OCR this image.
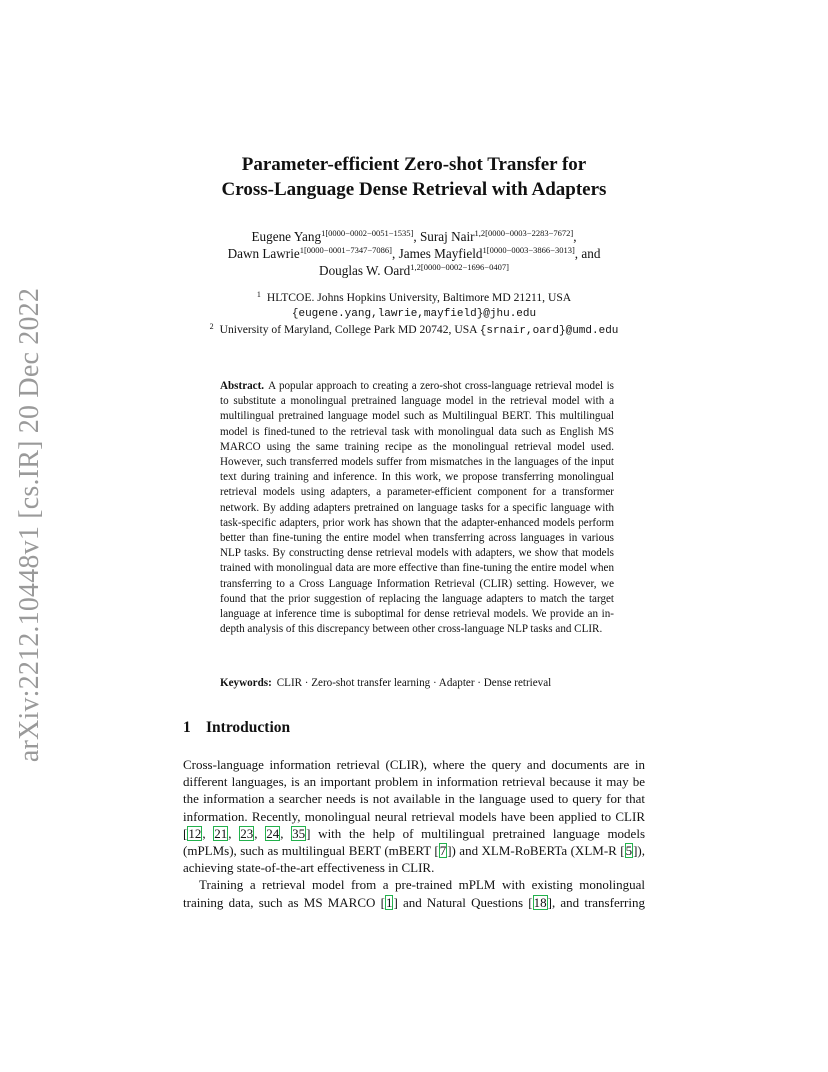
arXiv:2212.10448v1 [cs.IR] 20 Dec 2022
Parameter-efficient Zero-shot Transfer for
Cross-Language Dense Retrieval with Adapters
Eugene Yang$^{1[0000-0002-0051-1535]}$, Suraj Nair$^{1,2[0000-0003-2283-7672]}$,
Dawn Lawrie$^{1[0000-0001-7347-7086]}$, James Mayfield$^{1[0000-0003-3866-3013]}$, and
Douglas W. Oard$^{1,2[0000-0002-1696-0407]}$
$^1$ HLTCOE. Johns Hopkins University, Baltimore MD 21211, USA
{eugene.yang,lawrie,mayfield}@jhu.edu
$^2$ University of Maryland, College Park MD 20742, USA {srnair,oard}@umd.edu
Abstract. A popular approach to creating a zero-shot cross-language retrieval model is to substitute a monolingual pretrained language model in the retrieval model with a multilingual pretrained language model such as Multilingual BERT. This multilingual model is fined-tuned to the retrieval task with monolingual data such as English MS MARCO using the same training recipe as the monolingual retrieval model used. However, such transferred models suffer from mismatches in the languages of the input text during training and inference. In this work, we propose transferring monolingual retrieval models using adapters, a parameter-efficient component for a transformer network. By adding adapters pretrained on language tasks for a specific language with task-specific adapters, prior work has shown that the adapter-enhanced models perform better than fine-tuning the entire model when transferring across languages in various NLP tasks. By constructing dense retrieval models with adapters, we show that models trained with monolingual data are more effective than fine-tuning the entire model when transferring to a Cross Language Information Retrieval (CLIR) setting. However, we found that the prior suggestion of replacing the language adapters to match the target language at inference time is suboptimal for dense retrieval models. We provide an in-depth analysis of this discrepancy between other cross-language NLP tasks and CLIR.
Keywords: CLIR · Zero-shot transfer learning · Adapter · Dense retrieval
1 Introduction

Cross-language information retrieval (CLIR), where the query and documents are in different languages, is an important problem in information retrieval because it may be the information a searcher needs is not available in the language used to query for that information. Recently, monolingual neural retrieval models have been applied to CLIR [12, 21, 23, 24, 35] with the help of multilingual pretrained language models (mPLMs), such as multilingual BERT (mBERT [7]) and XLM-RoBERTa (XLM-R [5]), achieving state-of-the-art effectiveness in CLIR.

Training a retrieval model from a pre-trained mPLM with existing monolingual training data, such as MS MARCO [1] and Natural Questions [18], and transferring
